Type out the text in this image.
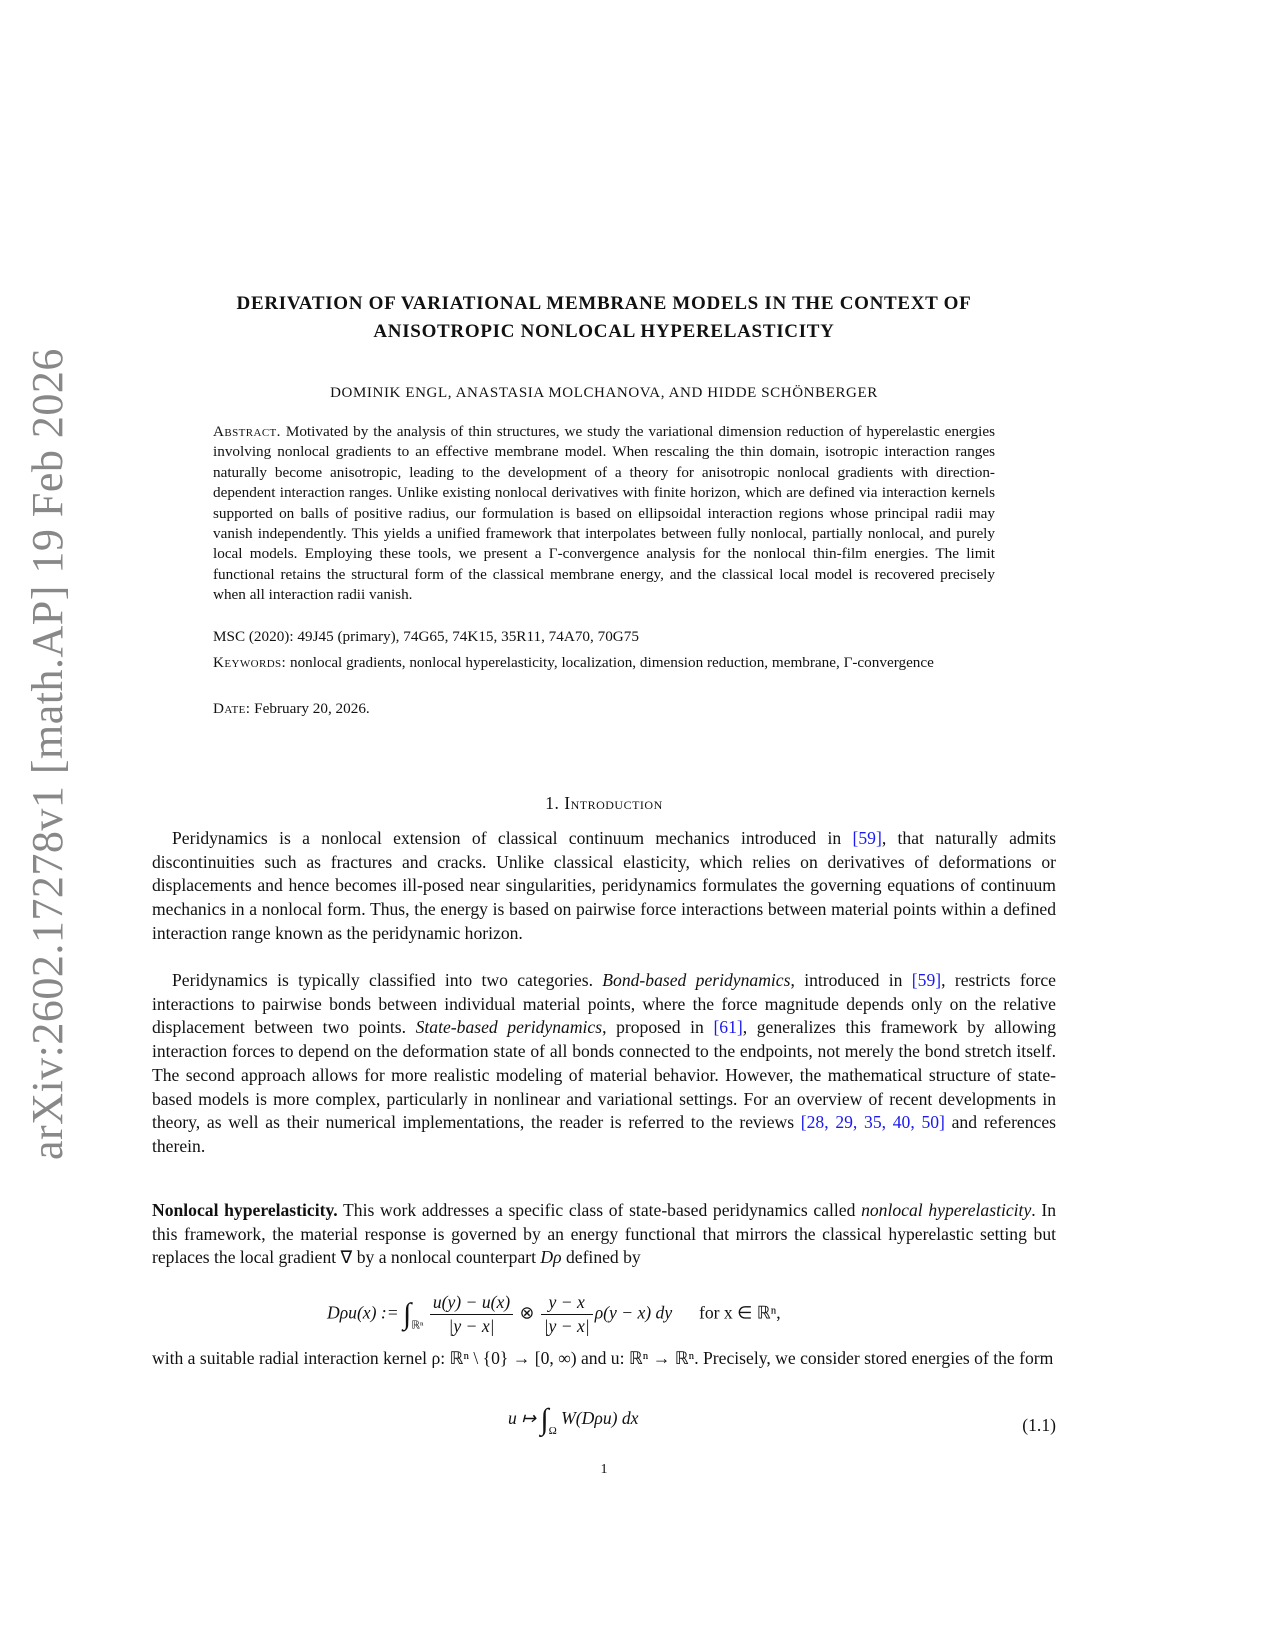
arXiv:2602.17278v1 [math.AP] 19 Feb 2026
DERIVATION OF VARIATIONAL MEMBRANE MODELS IN THE CONTEXT OF
ANISOTROPIC NONLOCAL HYPERELASTICITY
DOMINIK ENGL, ANASTASIA MOLCHANOVA, AND HIDDE SCHÖNBERGER
Abstract. Motivated by the analysis of thin structures, we study the variational dimension reduction of hyperelastic energies involving nonlocal gradients to an effective membrane model. When rescaling the thin domain, isotropic interaction ranges naturally become anisotropic, leading to the development of a theory for anisotropic nonlocal gradients with direction-dependent interaction ranges. Unlike existing nonlocal derivatives with finite horizon, which are defined via interaction kernels supported on balls of positive radius, our formulation is based on ellipsoidal interaction regions whose principal radii may vanish independently. This yields a unified framework that interpolates between fully nonlocal, partially nonlocal, and purely local models. Employing these tools, we present a Γ-convergence analysis for the nonlocal thin-film energies. The limit functional retains the structural form of the classical membrane energy, and the classical local model is recovered precisely when all interaction radii vanish.
MSC (2020): 49J45 (primary), 74G65, 74K15, 35R11, 74A70, 70G75
Keywords: nonlocal gradients, nonlocal hyperelasticity, localization, dimension reduction, membrane, Γ-convergence
Date: February 20, 2026.
1. Introduction
Peridynamics is a nonlocal extension of classical continuum mechanics introduced in [59], that naturally admits discontinuities such as fractures and cracks. Unlike classical elasticity, which relies on derivatives of deformations or displacements and hence becomes ill-posed near singularities, peridynamics formulates the governing equations of continuum mechanics in a nonlocal form. Thus, the energy is based on pairwise force interactions between material points within a defined interaction range known as the peridynamic horizon.
Peridynamics is typically classified into two categories. Bond-based peridynamics, introduced in [59], restricts force interactions to pairwise bonds between individual material points, where the force magnitude depends only on the relative displacement between two points. State-based peridynamics, proposed in [61], generalizes this framework by allowing interaction forces to depend on the deformation state of all bonds connected to the endpoints, not merely the bond stretch itself. The second approach allows for more realistic modeling of material behavior. However, the mathematical structure of state-based models is more complex, particularly in nonlinear and variational settings. For an overview of recent developments in theory, as well as their numerical implementations, the reader is referred to the reviews [28, 29, 35, 40, 50] and references therein.
Nonlocal hyperelasticity. This work addresses a specific class of state-based peridynamics called nonlocal hyperelasticity. In this framework, the material response is governed by an energy functional that mirrors the classical hyperelastic setting but replaces the local gradient ∇ by a nonlocal counterpart Dρ defined by
Dρu(x) := $\int_{ℝ^n} \frac{u(y) - u(x)}{|y - x|}$ ⊗ $\frac{y - x}{|y - x|} \rho(y - x)$ dy for x ∈ ℝⁿ,
with a suitable radial interaction kernel ρ: ℝⁿ \ {0} → [0, ∞) and u: ℝⁿ → ℝⁿ. Precisely, we consider stored energies of the form
u ↦ $\int_\Omega$ W(Dρu) dx	(1.1)
1
